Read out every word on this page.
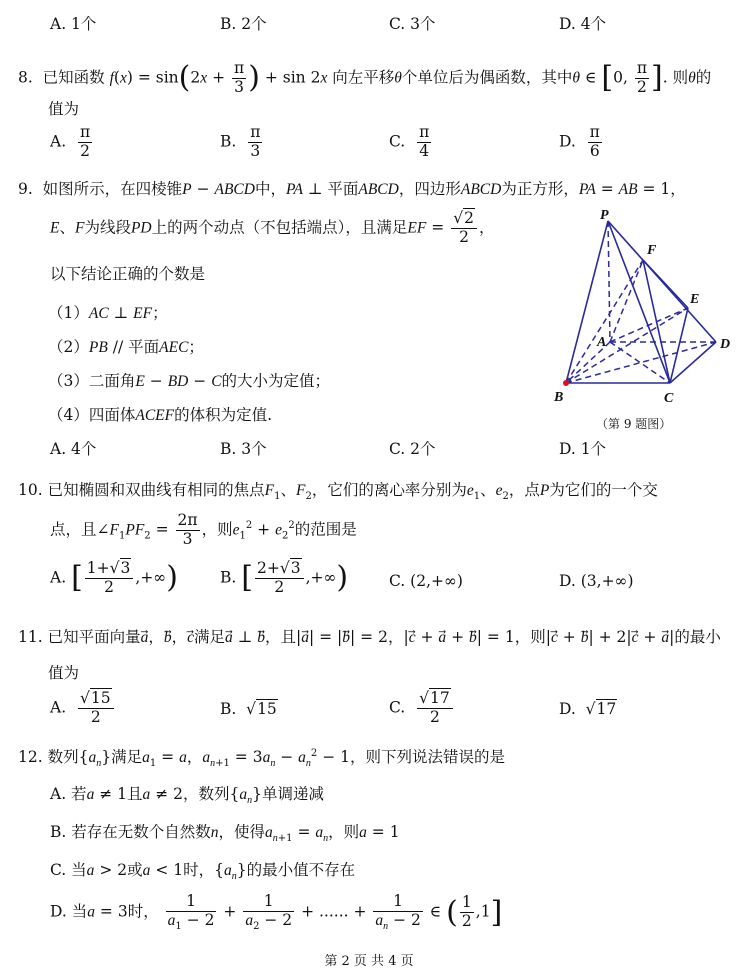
A. 1个	B. 2个	C. 3个	D. 4个
8. 已知函数 $f(x) = \sin(2x + \frac{\pi}{3}$ ) + sin 2x 向左平移θ个单位后为偶函数，其中θ ∈ [0, $\frac{\pi}{2}$ ]. 则θ的
值为
A. $\frac{\pi}{2}$	B. $\frac{\pi}{3}$	C. $\frac{\pi}{4}$	D. $\frac{\pi}{6}$
9. 如图所示，在四棱锥P − ABCD中，PA ⊥ 平面ABCD，四边形ABCD为正方形，PA = AB = 1，
E、F为线段PD上的两个动点（不包括端点），且满足EF = $\frac{√2}{2}$ ，
以下结论正确的个数是
（1）AC ⊥ EF；
（2）PB // 平面AEC；
（3）二面角E − BD − C的大小为定值；
（4）四面体ACEF的体积为定值.
A. 4个	B. 3个	C. 2个	D. 1个
P
F
E
A	D
B	C
（第 9 题图）
10. 已知椭圆和双曲线有相同的焦点$F_1$、$F_2$，它们的离心率分别为$e_1$、$e_2$，点P为它们的一个交
点，且$\angle F_1PF_2 = \frac{2\pi}{3}$ ，则$e_1^2 + e_2^2$的范围是
A. [ $\frac{1+√3}{2}$ ,+∞)	B. [ $\frac{2+√3}{2}$ ,+∞)	C. (2,+∞)	D. (3,+∞)
11. 已知平面向量a⃗，b⃗，c满足a⃗ ⊥ b，且|a⃗| = |b⃗| = 2，|c⃗ + a⃗ + b⃗| = 1，则|c⃗ + b⃗| + 2|c⃗ + a⃗|的最小
值为
A. $\frac{√15}{2}$	B.  √15	C. $\frac{√17}{2}$	D.  √17
12. 数列$\{a_n\}$满足$a_1 = a$，$a_{n+1} = 3a_n - a_n^2 - 1$，则下列说法错误的是
A. 若a ≠ 1且a ≠ 2，数列$\{a_n\}$单调递减
B. 若存在无数个自然数n，使得$a_{n+1} = a_n$，则a = 1
C. 当a > 2或a < 1时，$\{a_n\}$的最小值不存在
D. 当a = 3时， $\frac{1}{a_1 - 2} + \frac{1}{a_2 - 2}$ + ...... + $\frac{1}{a_n - 2}$ ∈ ( $\frac{1}{2} ,1$]
第 2 页 共 4 页
